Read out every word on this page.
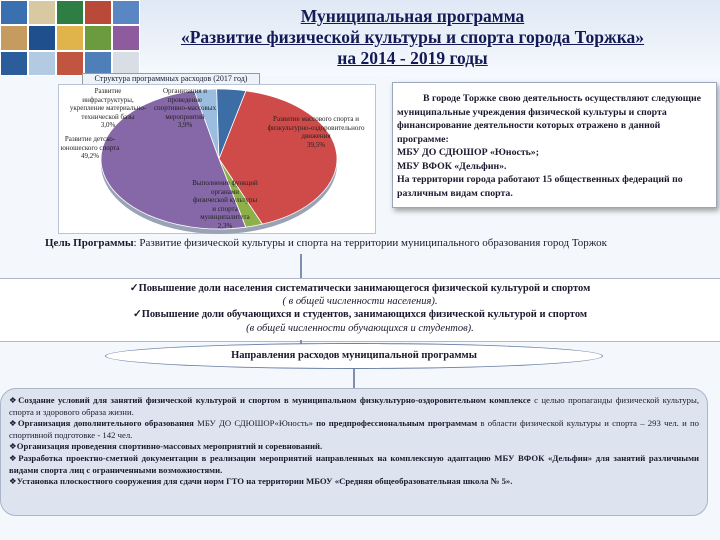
Муниципальная программа
«Развитие физической культуры и спорта города Торжка»
на 2014 - 2019 годы
Структура программных расходов (2017 год)
Развитие
инфраструктуры,
укрепление материально-
технической базы
3,0%
Организация и
проведение
спортивно-массовых
мероприятий
3,9%
Развитие массового спорта и
физкультурно-оздоровительного
движения
39,5%
Выполнение функций
органами
физической культуры
и спорта
муниципалитета
2,3%
Развитие детско-
юношеского спорта
49,2%

В городе Торжке свою деятельность осуществляют следующие муниципальные учреждения физической культуры и спорта финансирование деятельности которых отражено в данной программе:

МБУ ДО СДЮШОР «Юность»;

МБУ ВФОК «Дельфин».

На территории города работают 15 общественных федераций по различным видам спорта.

Цель Программы: Развитие физической культуры и спорта на территории муниципального образования город Торжок
✓Повышение доли населения систематически занимающегося физической культурой и спортом
( в общей численности населения).
✓Повышение доли обучающихся и студентов, занимающихся физической культурой и спортом
(в общей численности обучающихся и студентов).
Направления расходов муниципальной программы

❖Создание условий для занятий физической культурой и спортом в муниципальном физкультурно-оздоровительном комплексе с целью пропаганды физической культуры, спорта и здорового образа жизни.

❖Организация дополнительного образования МБУ ДО СДЮШОР«Юность» по предпрофессиональным программам в области физической культуры и спорта – 293 чел. и по спортивной подготовке - 142 чел.

❖Организация проведения спортивно-массовых мероприятий и соревнований.

❖Разработка проектно-сметной документации в реализации мероприятий направленных на комплексную адаптацию МБУ ВФОК «Дельфин» для занятий различными видами спорта лиц с ограниченными возможностями.

❖Установка плоскостного сооружения для сдачи норм ГТО на территории МБОУ «Средняя общеобразовательная школа № 5».
